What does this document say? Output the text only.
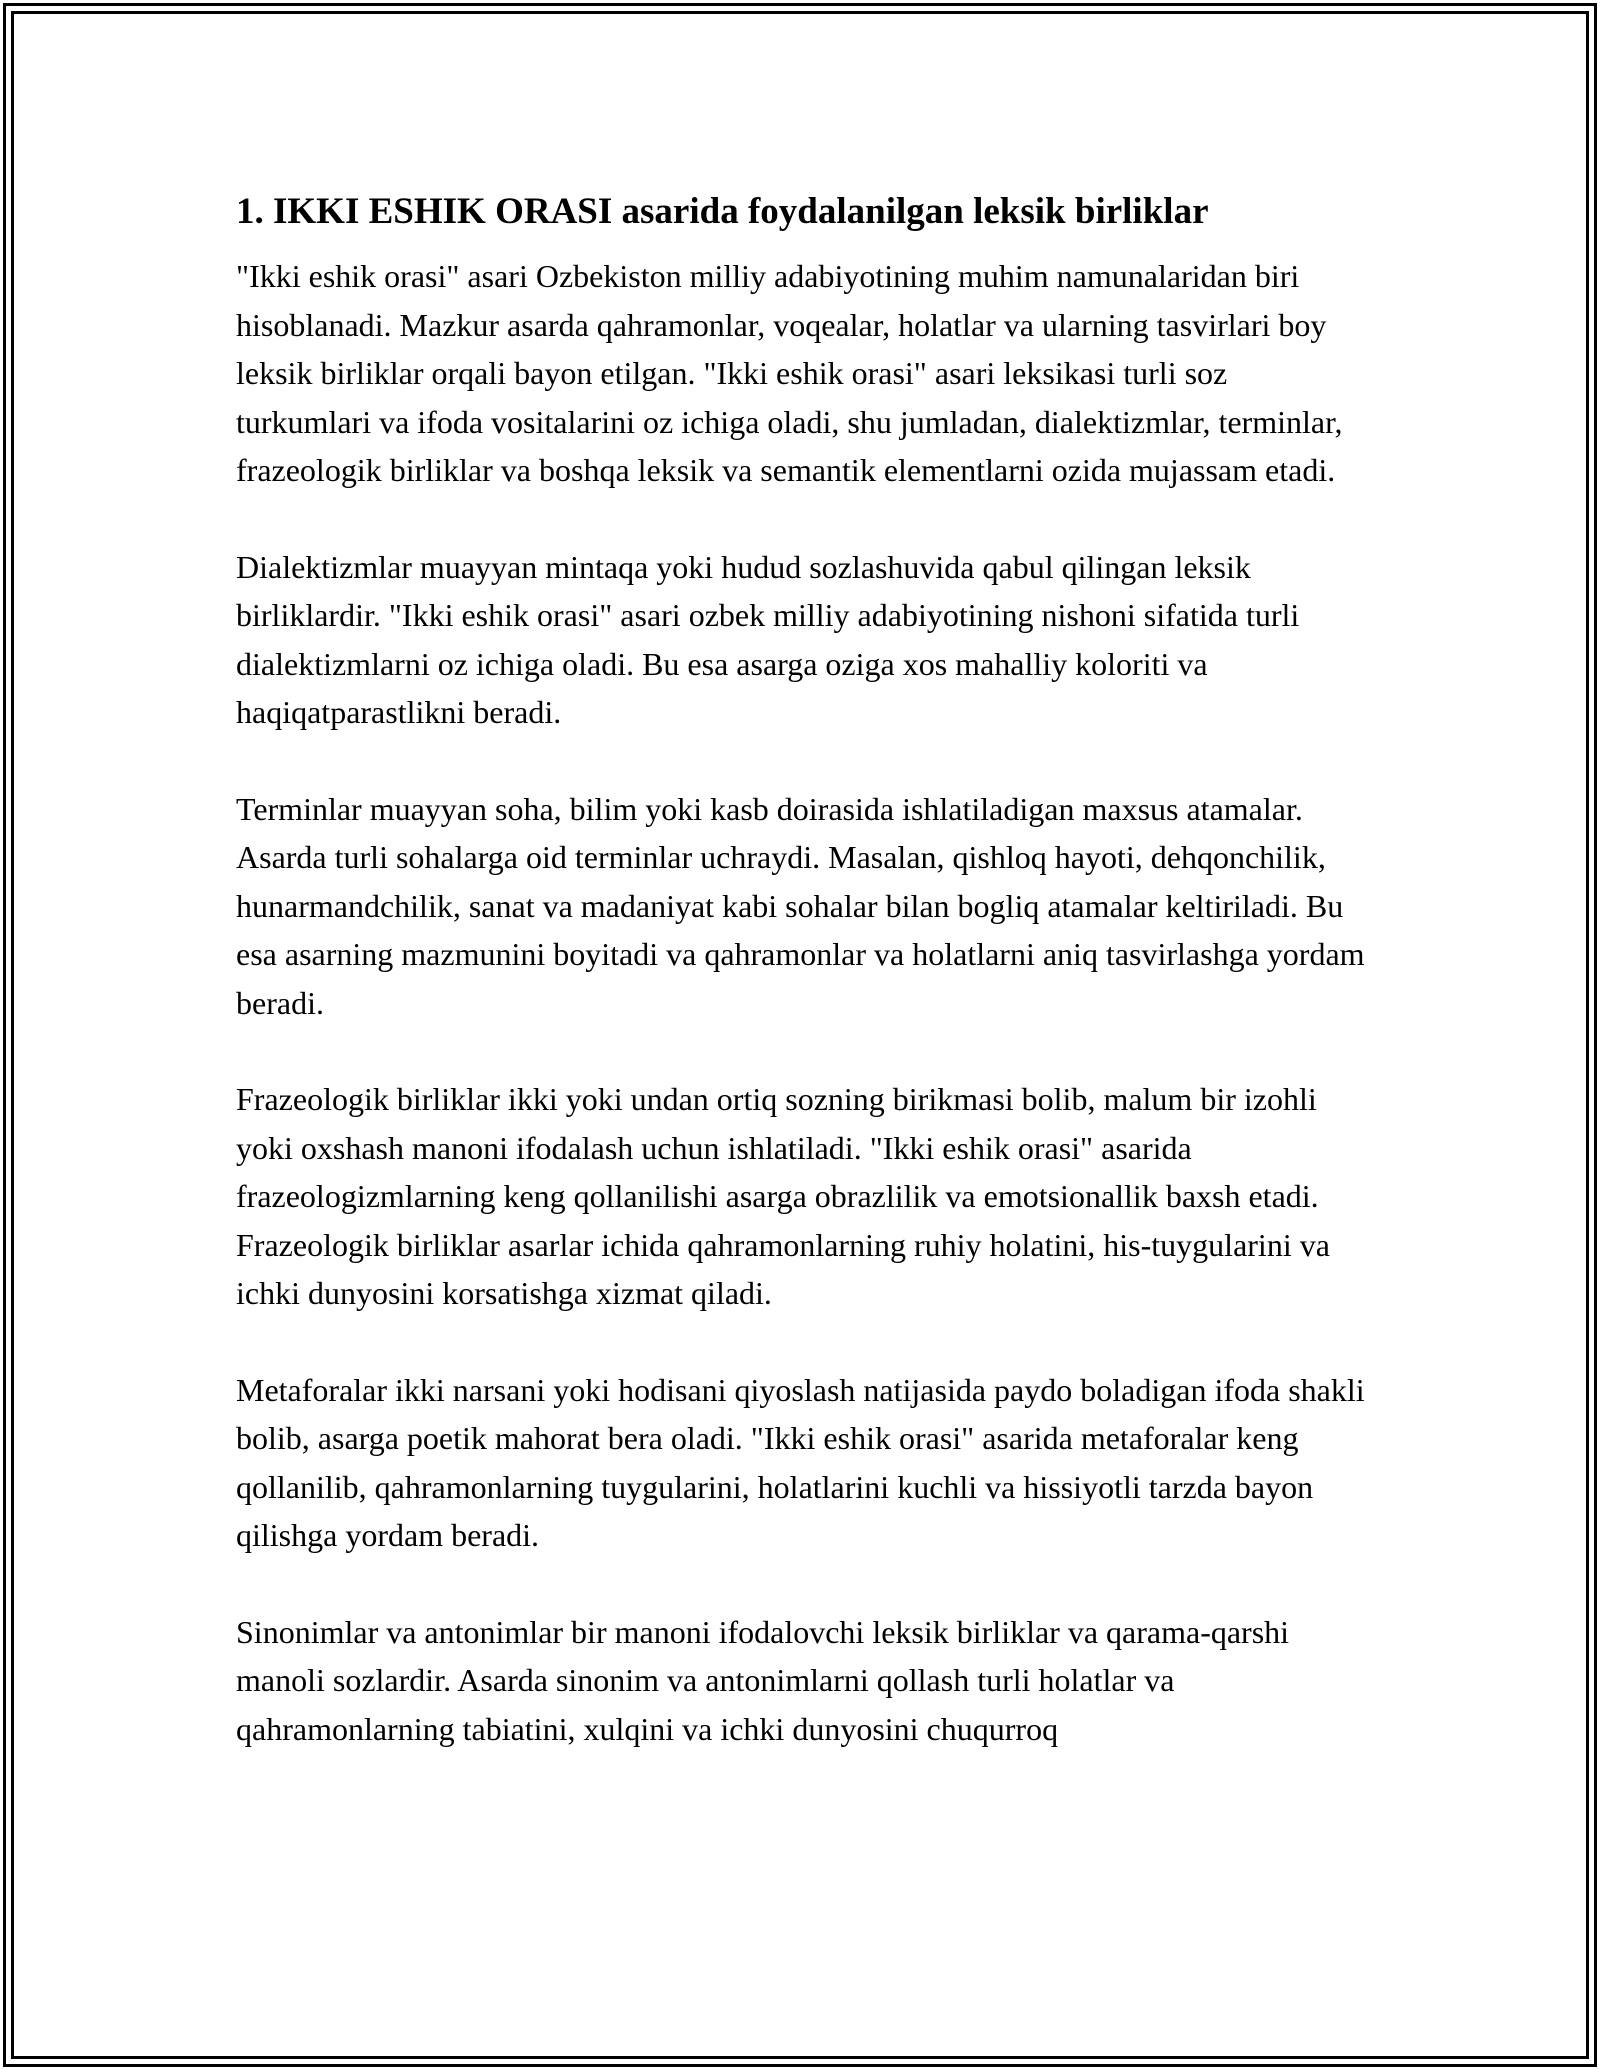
1. IKKI ESHIK ORASI asarida foydalanilgan leksik birliklar

"Ikki eshik orasi" asari Ozbekiston milliy adabiyotining muhim namunalaridan biri hisoblanadi. Mazkur asarda qahramonlar, voqealar, holatlar va ularning tasvirlari boy leksik birliklar orqali bayon etilgan. "Ikki eshik orasi" asari leksikasi turli soz turkumlari va ifoda vositalarini oz ichiga oladi, shu jumladan, dialektizmlar, terminlar, frazeologik birliklar va boshqa leksik va semantik elementlarni ozida mujassam etadi.

Dialektizmlar muayyan mintaqa yoki hudud sozlashuvida qabul qilingan leksik birliklardir. "Ikki eshik orasi" asari ozbek milliy adabiyotining nishoni sifatida turli dialektizmlarni oz ichiga oladi. Bu esa asarga oziga xos mahalliy koloriti va haqiqatparastlikni beradi.

Terminlar muayyan soha, bilim yoki kasb doirasida ishlatiladigan maxsus atamalar. Asarda turli sohalarga oid terminlar uchraydi. Masalan, qishloq hayoti, dehqonchilik, hunarmandchilik, sanat va madaniyat kabi sohalar bilan bogliq atamalar keltiriladi. Bu esa asarning mazmunini boyitadi va qahramonlar va holatlarni aniq tasvirlashga yordam beradi.

Frazeologik birliklar ikki yoki undan ortiq sozning birikmasi bolib, malum bir izohli yoki oxshash manoni ifodalash uchun ishlatiladi. "Ikki eshik orasi" asarida frazeologizmlarning keng qollanilishi asarga obrazlilik va emotsionallik baxsh etadi. Frazeologik birliklar asarlar ichida qahramonlarning ruhiy holatini, his-tuygularini va ichki dunyosini korsatishga xizmat qiladi.

Metaforalar ikki narsani yoki hodisani qiyoslash natijasida paydo boladigan ifoda shakli bolib, asarga poetik mahorat bera oladi. "Ikki eshik orasi" asarida metaforalar keng qollanilib, qahramonlarning tuygularini, holatlarini kuchli va hissiyotli tarzda bayon qilishga yordam beradi.

Sinonimlar va antonimlar bir manoni ifodalovchi leksik birliklar va qarama-qarshi manoli sozlardir. Asarda sinonim va antonimlarni qollash turli holatlar va qahramonlarning tabiatini, xulqini va ichki dunyosini chuqurroq
